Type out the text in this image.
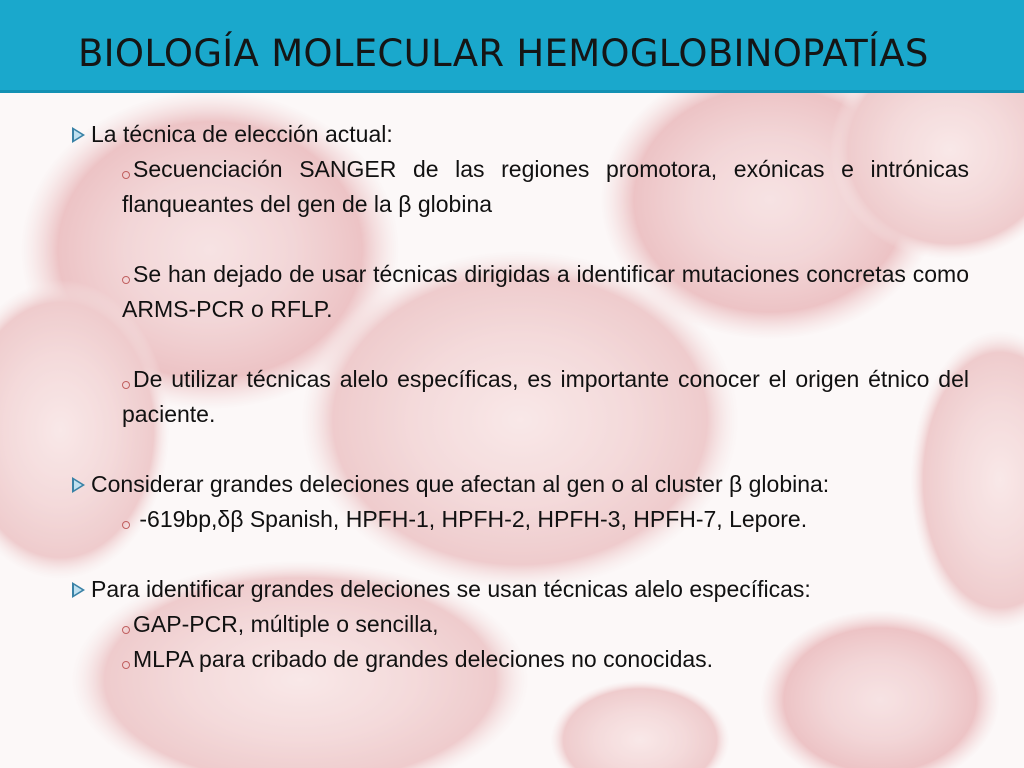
BIOLOGÍA MOLECULAR HEMOGLOBINOPATÍAS
La técnica de elección actual:
Secuenciación SANGER de las regiones promotora, exónicas e intrónicas flanqueantes del gen de la β globina
Se han dejado de usar técnicas dirigidas a identificar mutaciones concretas como ARMS-PCR o RFLP.
De utilizar técnicas alelo específicas, es importante conocer el origen étnico del paciente.
Considerar grandes deleciones que afectan al gen o al cluster β globina:
-619bp,δβ Spanish, HPFH-1, HPFH-2, HPFH-3, HPFH-7, Lepore.
Para identificar grandes deleciones se usan técnicas alelo específicas:
GAP-PCR, múltiple o sencilla,
MLPA para cribado de grandes deleciones no conocidas.
